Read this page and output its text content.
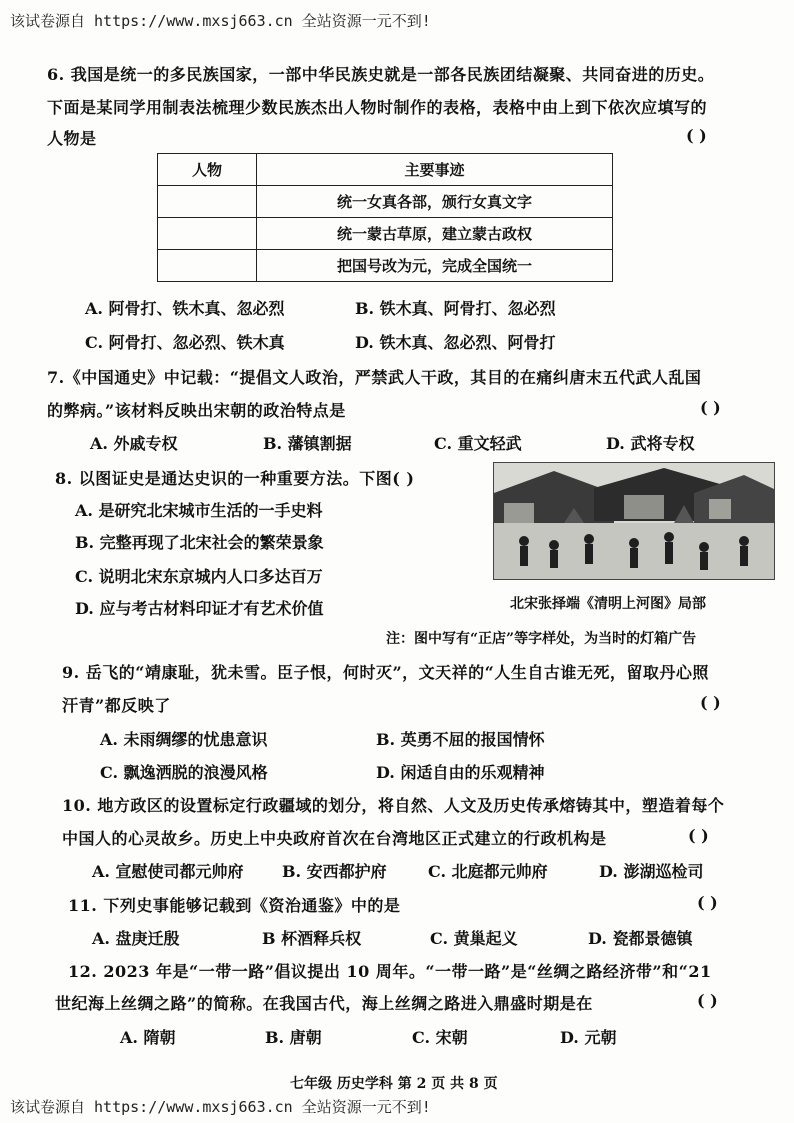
该试卷源自 https://www.mxsj663.cn 全站资源一元不到!
6. 我国是统一的多民族国家，一部中华民族史就是一部各民族团结凝聚、共同奋进的历史。
下面是某同学用制表法梳理少数民族杰出人物时制作的表格，表格中由上到下依次应填写的
人物是	( )
人物	主要事迹
	统一女真各部，颁行女真文字
	统一蒙古草原，建立蒙古政权
	把国号改为元，完成全国统一
A. 阿骨打、铁木真、忽必烈	B. 铁木真、阿骨打、忽必烈
C. 阿骨打、忽必烈、铁木真	D. 铁木真、忽必烈、阿骨打
7.《中国通史》中记载：“提倡文人政治，严禁武人干政，其目的在痛纠唐末五代武人乱国
的弊病。”该材料反映出宋朝的政治特点是	( )
A. 外戚专权	B. 藩镇割据	C. 重文轻武	D. 武将专权
8. 以图证史是通达史识的一种重要方法。下图( )
A. 是研究北宋城市生活的一手史料
B. 完整再现了北宋社会的繁荣景象
C. 说明北宋东京城内人口多达百万
D. 应与考古材料印证才有艺术价值	北宋张择端《清明上河图》局部
注：图中写有“正店”等字样处，为当时的灯箱广告
9. 岳飞的“靖康耻，犹未雪。臣子恨，何时灭”，文天祥的“人生自古谁无死，留取丹心照
汗青”都反映了	( )
A. 未雨绸缪的忧患意识	B. 英勇不屈的报国情怀
C. 飘逸洒脱的浪漫风格	D. 闲适自由的乐观精神
10. 地方政区的设置标定行政疆域的划分，将自然、人文及历史传承熔铸其中，塑造着每个
中国人的心灵故乡。历史上中央政府首次在台湾地区正式建立的行政机构是	( )
A. 宣慰使司都元帅府 B. 安西都护府	C. 北庭都元帅府	D. 澎湖巡检司
11. 下列史事能够记载到《资治通鉴》中的是	( )
A. 盘庚迁殷	B 杯酒释兵权	C. 黄巢起义	D. 瓷都景德镇
12. 2023 年是“一带一路”倡议提出 10 周年。“一带一路”是“丝绸之路经济带”和“21
世纪海上丝绸之路”的简称。在我国古代，海上丝绸之路进入鼎盛时期是在	( )
A. 隋朝	B. 唐朝	C. 宋朝	D. 元朝
七年级 历史学科 第 2 页 共 8 页
该试卷源自 https://www.mxsj663.cn 全站资源一元不到!
